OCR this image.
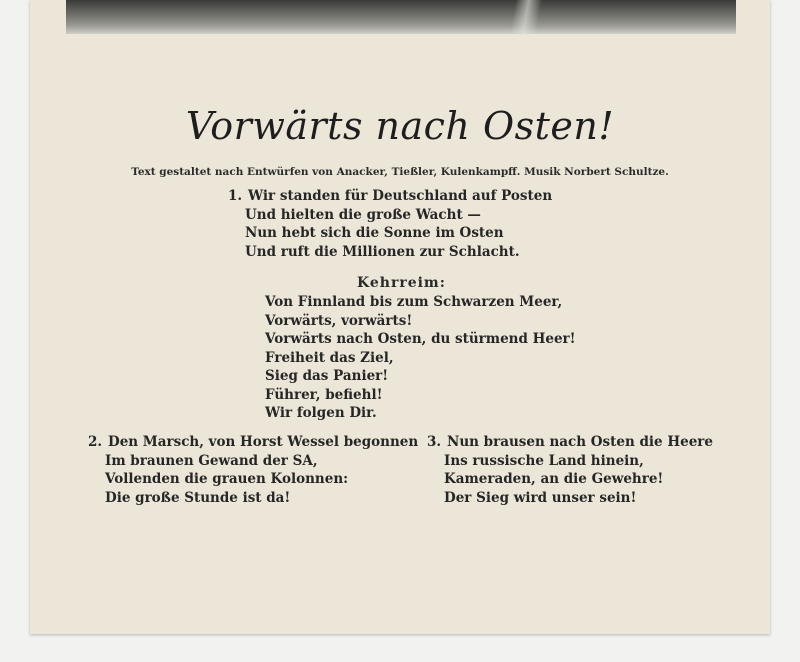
Vorwärts nach Osten!
Text gestaltet nach Entwürfen von Anacker, Tießler, Kulenkampff. Musik Norbert Schultze.
1. Wir standen für Deutschland auf Posten
Und hielten die große Wacht —
Nun hebt sich die Sonne im Osten
Und ruft die Millionen zur Schlacht.
Kehrreim:
Von Finnland bis zum Schwarzen Meer,
Vorwärts, vorwärts!
Vorwärts nach Osten, du stürmend Heer!
Freiheit das Ziel,
Sieg das Panier!
Führer, befiehl!
Wir folgen Dir.
2. Den Marsch, von Horst Wessel begonnen
Im braunen Gewand der SA,
Vollenden die grauen Kolonnen:
Die große Stunde ist da!
3. Nun brausen nach Osten die Heere
Ins russische Land hinein,
Kameraden, an die Gewehre!
Der Sieg wird unser sein!
